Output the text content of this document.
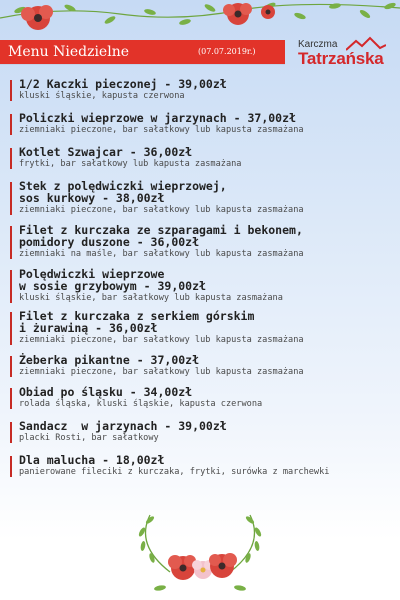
Menu Niedzielne	(07.07.2019r.)
Karczma
Tatrzańska
1/2 Kaczki pieczonej - 39,00zł
kluski śląskie, kapusta czerwona
Policzki wieprzowe w jarzynach - 37,00zł
ziemniaki pieczone, bar sałatkowy lub kapusta zasmażana
Kotlet Szwajcar - 36,00zł
frytki, bar sałatkowy lub kapusta zasmażana
Stek z polędwiczki wieprzowej,
sos kurkowy - 38,00zł
ziemniaki pieczone, bar sałatkowy lub kapusta zasmażana
Filet z kurczaka ze szparagami i bekonem,
pomidory duszone - 36,00zł
ziemniaki na maśle, bar sałatkowy lub kapusta zasmażana
Polędwiczki wieprzowe
w sosie grzybowym - 39,00zł
kluski śląskie, bar sałatkowy lub kapusta zasmażana
Filet z kurczaka z serkiem górskim
i żurawiną - 36,00zł
ziemniaki pieczone, bar sałatkowy lub kapusta zasmażana
Żeberka pikantne - 37,00zł
ziemniaki pieczone, bar sałatkowy lub kapusta zasmażana
Obiad po śląsku - 34,00zł
rolada śląska, kluski śląskie, kapusta czerwona
Sandacz  w jarzynach - 39,00zł
placki Rosti, bar sałatkowy
Dla malucha - 18,00zł
panierowane fileciki z kurczaka, frytki, surówka z marchewki
